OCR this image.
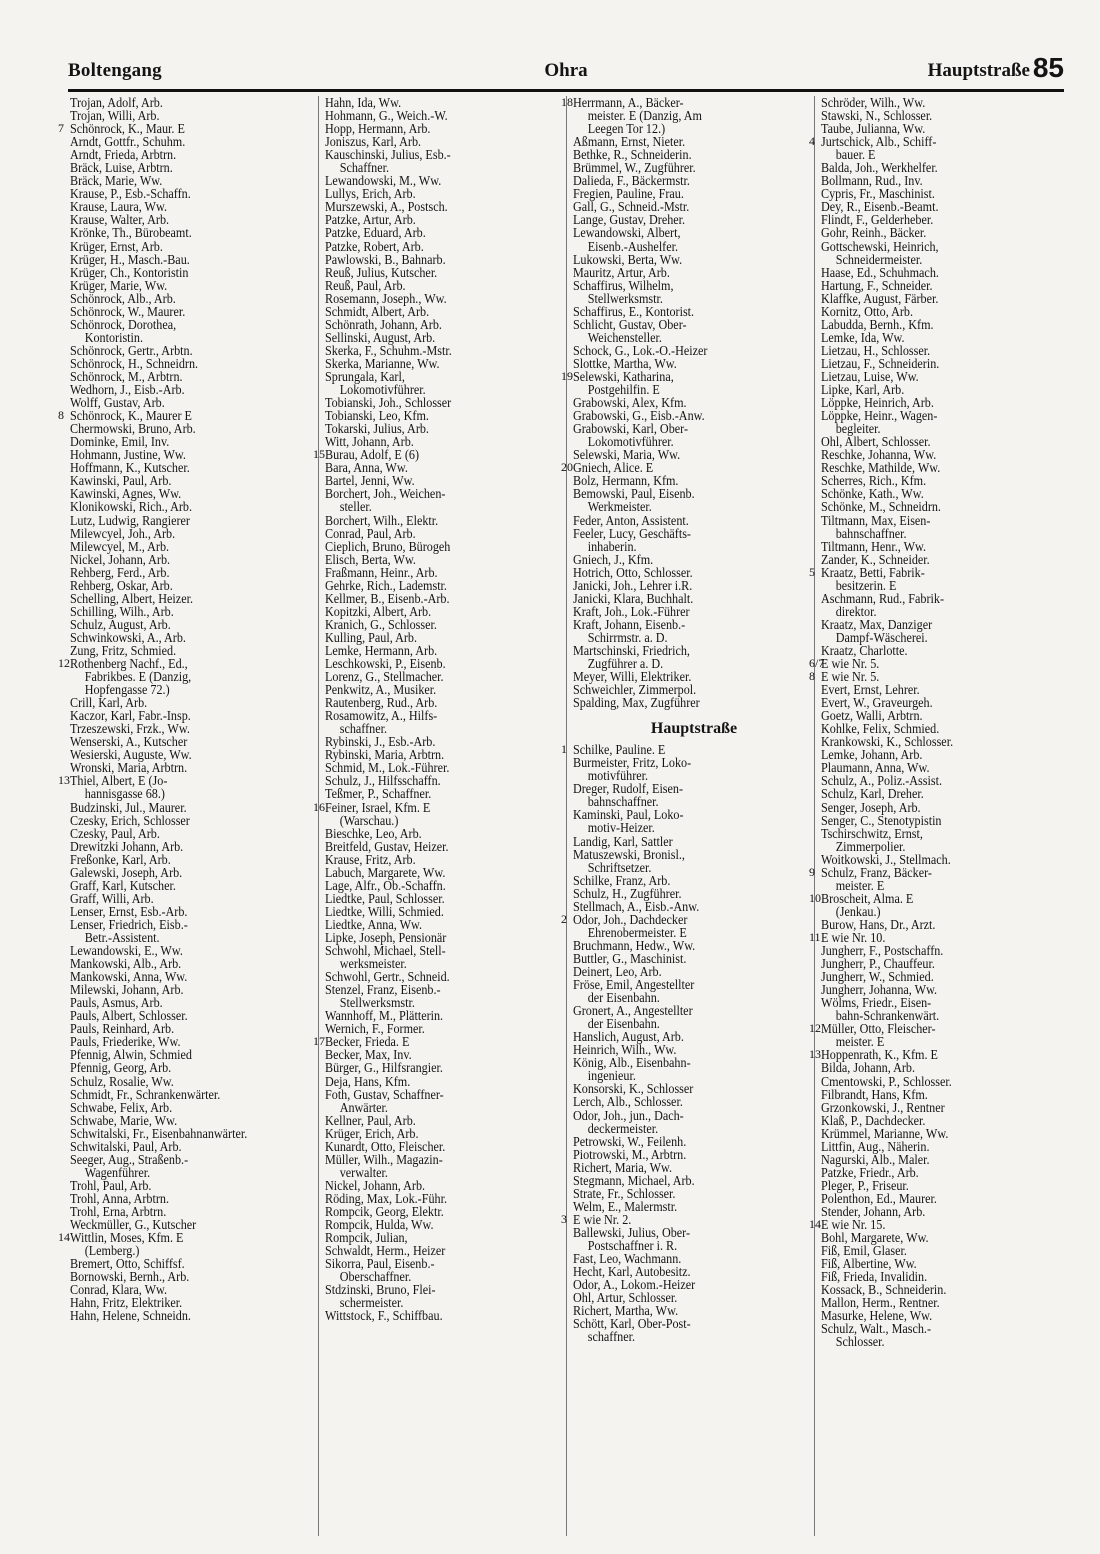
Boltengang	Ohra	Hauptstraße 85
Trojan, Adolf, Arb.
Trojan, Willi, Arb.
7 Schönrock, K., Maur. E
Arndt, Gottfr., Schuhm.
Arndt, Frieda, Arbtrn.
Bräck, Luise, Arbtrn.
Bräck, Marie, Ww.
Krause, P., Esb.-Schaffn.
Krause, Laura, Ww.
Krause, Walter, Arb.
Krönke, Th., Bürobeamt.
Krüger, Ernst, Arb.
Krüger, H., Masch.-Bau.
Krüger, Ch., Kontoristin
Krüger, Marie, Ww.
Schönrock, Alb., Arb.
Schönrock, W., Maurer.
Schönrock, Dorothea,
Kontoristin.
Schönrock, Gertr., Arbtn.
Schönrock, H., Schneidrn.
Schönrock, M., Arbtrn.
Wedhorn, J., Eisb.-Arb.
Wolff, Gustav, Arb.
8 Schönrock, K., Maurer E
Chermowski, Bruno, Arb.
Dominke, Emil, Inv.
Hohmann, Justine, Ww.
Hoffmann, K., Kutscher.
Kawinski, Paul, Arb.
Kawinski, Agnes, Ww.
Klonikowski, Rich., Arb.
Lutz, Ludwig, Rangierer
Milewcyel, Joh., Arb.
Milewcyel, M., Arb.
Nickel, Johann, Arb.
Rehberg, Ferd., Arb.
Rehberg, Oskar, Arb.
Schelling, Albert, Heizer.
Schilling, Wilh., Arb.
Schulz, August, Arb.
Schwinkowski, A., Arb.
Zung, Fritz, Schmied.
12 Rothenberg Nachf., Ed.,
Fabrikbes. E (Danzig,
Hopfengasse 72.)
Crill, Karl, Arb.
Kaczor, Karl, Fabr.-Insp.
Trzeszewski, Frzk., Ww.
Wenserski, A., Kutscher
Wesierski, Auguste, Ww.
Wronski, Maria, Arbtrn.
13 Thiel, Albert, E (Jo-
hannisgasse 68.)
Budzinski, Jul., Maurer.
Czesky, Erich, Schlosser
Czesky, Paul, Arb.
Drewitzki Johann, Arb.
Freßonke, Karl, Arb.
Galewski, Joseph, Arb.
Graff, Karl, Kutscher.
Graff, Willi, Arb.
Lenser, Ernst, Esb.-Arb.
Lenser, Friedrich, Eisb.-
Betr.-Assistent.
Lewandowski, E., Ww.
Mankowski, Alb., Arb.
Mankowski, Anna, Ww.
Milewski, Johann, Arb.
Pauls, Asmus, Arb.
Pauls, Albert, Schlosser.
Pauls, Reinhard, Arb.
Pauls, Friederike, Ww.
Pfennig, Alwin, Schmied
Pfennig, Georg, Arb.
Schulz, Rosalie, Ww.
Schmidt, Fr., Schrankenwärter.
Schwabe, Felix, Arb.
Schwabe, Marie, Ww.
Schwitalski, Fr., Eisenbahnanwärter.
Schwitalski, Paul, Arb.
Seeger, Aug., Straßenb.-
Wagenführer.
Trohl, Paul, Arb.
Trohl, Anna, Arbtrn.
Trohl, Erna, Arbtrn.
Weckmüller, G., Kutscher
14 Wittlin, Moses, Kfm. E
(Lemberg.)
Bremert, Otto, Schiffsf.
Bornowski, Bernh., Arb.
Conrad, Klara, Ww.
Hahn, Fritz, Elektriker.
Hahn, Helene, Schneidn.
Hahn, Ida, Ww.
Hohmann, G., Weich.-W.
Hopp, Hermann, Arb.
Joniszus, Karl, Arb.
Kauschinski, Julius, Esb.-
Schaffner.
Lewandowski, M., Ww.
Lullys, Erich, Arb.
Murszewski, A., Postsch.
Patzke, Artur, Arb.
Patzke, Eduard, Arb.
Patzke, Robert, Arb.
Pawlowski, B., Bahnarb.
Reuß, Julius, Kutscher.
Reuß, Paul, Arb.
Rosemann, Joseph., Ww.
Schmidt, Albert, Arb.
Schönrath, Johann, Arb.
Sellinski, August, Arb.
Skerka, F., Schuhm.-Mstr.
Skerka, Marianne, Ww.
Sprungala, Karl,
Lokomotivführer.
Tobianski, Joh., Schlosser
Tobianski, Leo, Kfm.
Tokarski, Julius, Arb.
Witt, Johann, Arb.
15 Burau, Adolf, E (6)
Bara, Anna, Ww.
Bartel, Jenni, Ww.
Borchert, Joh., Weichen-
steller.
Borchert, Wilh., Elektr.
Conrad, Paul, Arb.
Cieplich, Bruno, Bürogeh
Elisch, Berta, Ww.
Fraßmann, Heinr., Arb.
Gehrke, Rich., Lademstr.
Kellmer, B., Eisenb.-Arb.
Kopitzki, Albert, Arb.
Kranich, G., Schlosser.
Kulling, Paul, Arb.
Lemke, Hermann, Arb.
Leschkowski, P., Eisenb.
Lorenz, G., Stellmacher.
Penkwitz, A., Musiker.
Rautenberg, Rud., Arb.
Rosamowitz, A., Hilfs-
schaffner.
Rybinski, J., Esb.-Arb.
Rybinski, Maria, Arbtrn.
Schmid, M., Lok.-Führer.
Schulz, J., Hilfsschaffn.
Teßmer, P., Schaffner.
16 Feiner, Israel, Kfm. E
(Warschau.)
Bieschke, Leo, Arb.
Breitfeld, Gustav, Heizer.
Krause, Fritz, Arb.
Labuch, Margarete, Ww.
Lage, Alfr., Ob.-Schaffn.
Liedtke, Paul, Schlosser.
Liedtke, Willi, Schmied.
Liedtke, Anna, Ww.
Lipke, Joseph, Pensionär
Schwohl, Michael, Stell-
werksmeister.
Schwohl, Gertr., Schneid.
Stenzel, Franz, Eisenb.-
Stellwerksmstr.
Wannhoff, M., Plätterin.
Wernich, F., Former.
17 Becker, Frieda. E
Becker, Max, Inv.
Bürger, G., Hilfsrangier.
Deja, Hans, Kfm.
Foth, Gustav, Schaffner-
Anwärter.
Kellner, Paul, Arb.
Krüger, Erich, Arb.
Kunardt, Otto, Fleischer.
Müller, Wilh., Magazin-
verwalter.
Nickel, Johann, Arb.
Röding, Max, Lok.-Führ.
Rompcik, Georg, Elektr.
Rompcik, Hulda, Ww.
Rompcik, Julian,
Schwaldt, Herm., Heizer
Sikorra, Paul, Eisenb.-
Oberschaffner.
Stdzinski, Bruno, Flei-
schermeister.
Wittstock, F., Schiffbau.
18 Herrmann, A., Bäcker-
meister. E (Danzig, Am
Leegen Tor 12.)
Aßmann, Ernst, Nieter.
Bethke, R., Schneiderin.
Brümmel, W., Zugführer.
Dalieda, F., Bäckermstr.
Fregien, Pauline, Frau.
Gall, G., Schneid.-Mstr.
Lange, Gustav, Dreher.
Lewandowski, Albert,
Eisenb.-Aushelfer.
Lukowski, Berta, Ww.
Mauritz, Artur, Arb.
Schaffirus, Wilhelm,
Stellwerksmstr.
Schaffirus, E., Kontorist.
Schlicht, Gustav, Ober-
Weichensteller.
Schock, G., Lok.-O.-Heizer
Slottke, Martha, Ww.
19 Selewski, Katharina,
Postgehilfin. E
Grabowski, Alex, Kfm.
Grabowski, G., Eisb.-Anw.
Grabowski, Karl, Ober-
Lokomotivführer.
Selewski, Maria, Ww.
20 Gniech, Alice. E
Bolz, Hermann, Kfm.
Bemowski, Paul, Eisenb.
Werkmeister.
Feder, Anton, Assistent.
Feeler, Lucy, Geschäfts-
inhaberin.
Gniech, J., Kfm.
Hotrich, Otto, Schlosser.
Janicki, Joh., Lehrer i.R.
Janicki, Klara, Buchhalt.
Kraft, Joh., Lok.-Führer
Kraft, Johann, Eisenb.-
Schirrmstr. a. D.
Martschinski, Friedrich,
Zugführer a. D.
Meyer, Willi, Elektriker.
Schweichler, Zimmerpol.
Spalding, Max, Zugführer
Hauptstraße
1 Schilke, Pauline. E
Burmeister, Fritz, Loko-
motivführer.
Dreger, Rudolf, Eisen-
bahnschaffner.
Kaminski, Paul, Loko-
motiv-Heizer.
Landig, Karl, Sattler
Matuszewski, Bronisl.,
Schriftsetzer.
Schilke, Franz, Arb.
Schulz, H., Zugführer.
Stellmach, A., Eisb.-Anw.
2 Odor, Joh., Dachdecker
Ehrenobermeister. E
Bruchmann, Hedw., Ww.
Buttler, G., Maschinist.
Deinert, Leo, Arb.
Fröse, Emil, Angestellter
der Eisenbahn.
Gronert, A., Angestellter
der Eisenbahn.
Hanslich, August, Arb.
Heinrich, Wilh., Ww.
König, Alb., Eisenbahn-
ingenieur.
Konsorski, K., Schlosser
Lerch, Alb., Schlosser.
Odor, Joh., jun., Dach-
deckermeister.
Petrowski, W., Feilenh.
Piotrowski, M., Arbtrn.
Richert, Maria, Ww.
Stegmann, Michael, Arb.
Strate, Fr., Schlosser.
Welm, E., Malermstr.
3 E wie Nr. 2.
Ballewski, Julius, Ober-
Postschaffner i. R.
Fast, Leo, Wachmann.
Hecht, Karl, Autobesitz.
Odor, A., Lokom.-Heizer
Ohl, Artur, Schlosser.
Richert, Martha, Ww.
Schött, Karl, Ober-Post-
schaffner.
Schröder, Wilh., Ww.
Stawski, N., Schlosser.
Taube, Julianna, Ww.
4 Jurtschick, Alb., Schiff-
bauer. E
Balda, Joh., Werkhelfer.
Bollmann, Rud., Inv.
Cypris, Fr., Maschinist.
Dey, R., Eisenb.-Beamt.
Flindt, F., Gelderheber.
Gohr, Reinh., Bäcker.
Gottschewski, Heinrich,
Schneidermeister.
Haase, Ed., Schuhmach.
Hartung, F., Schneider.
Klaffke, August, Färber.
Kornitz, Otto, Arb.
Labudda, Bernh., Kfm.
Lemke, Ida, Ww.
Lietzau, H., Schlosser.
Lietzau, F., Schneiderin.
Lietzau, Luise, Ww.
Lipke, Karl, Arb.
Löppke, Heinrich, Arb.
Löppke, Heinr., Wagen-
begleiter.
Ohl, Albert, Schlosser.
Reschke, Johanna, Ww.
Reschke, Mathilde, Ww.
Scherres, Rich., Kfm.
Schönke, Kath., Ww.
Schönke, M., Schneidrn.
Tiltmann, Max, Eisen-
bahnschaffner.
Tiltmann, Henr., Ww.
Zander, K., Schneider.
5 Kraatz, Betti, Fabrik-
besitzerin. E
Aschmann, Rud., Fabrik-
direktor.
Kraatz, Max, Danziger
Dampf-Wäscherei.
Kraatz, Charlotte.
6/7
E wie Nr. 5.
8 E wie Nr. 5.
Evert, Ernst, Lehrer.
Evert, W., Graveurgeh.
Goetz, Walli, Arbtrn.
Kohlke, Felix, Schmied.
Krankowski, K., Schlosser.
Lemke, Johann, Arb.
Plaumann, Anna, Ww.
Schulz, A., Poliz.-Assist.
Schulz, Karl, Dreher.
Senger, Joseph, Arb.
Senger, C., Stenotypistin
Tschirschwitz, Ernst,
Zimmerpolier.
Woitkowski, J., Stellmach.
9 Schulz, Franz, Bäcker-
meister. E
10 Broscheit, Alma. E
(Jenkau.)
Burow, Hans, Dr., Arzt.
11 E wie Nr. 10.
Jungherr, F., Postschaffn.
Jungherr, P., Chauffeur.
Jungherr, W., Schmied.
Jungherr, Johanna, Ww.
Wölms, Friedr., Eisen-
bahn-Schrankenwärt.
12 Müller, Otto, Fleischer-
meister. E
13 Hoppenrath, K., Kfm. E
Bilda, Johann, Arb.
Cmentowski, P., Schlosser.
Filbrandt, Hans, Kfm.
Grzonkowski, J., Rentner
Klaß, P., Dachdecker.
Krümmel, Marianne, Ww.
Littfin, Aug., Näherin.
Nagurski, Alb., Maler.
Patzke, Friedr., Arb.
Pleger, P., Friseur.
Polenthon, Ed., Maurer.
Stender, Johann, Arb.
14 E wie Nr. 15.
Bohl, Margarete, Ww.
Fiß, Emil, Glaser.
Fiß, Albertine, Ww.
Fiß, Frieda, Invalidin.
Kossack, B., Schneiderin.
Mallon, Herm., Rentner.
Masurke, Helene, Ww.
Schulz, Walt., Masch.-
Schlosser.
